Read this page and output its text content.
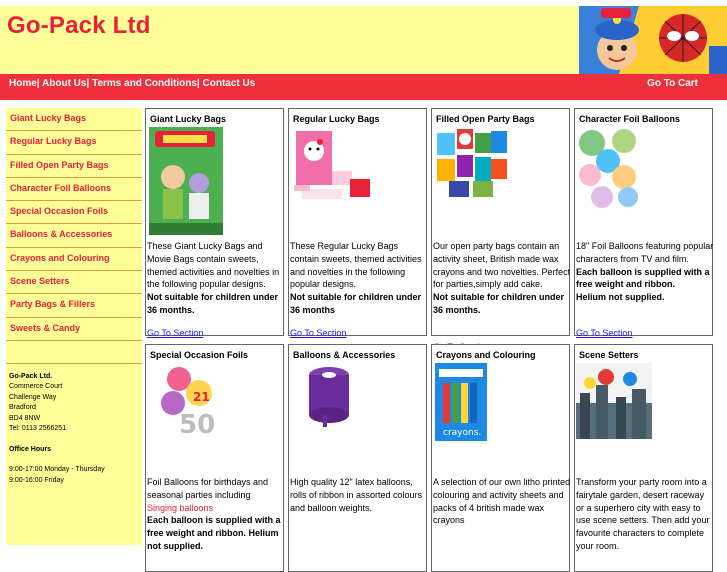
Go-Pack Ltd
Home| About Us| Terms and Conditions| Contact Us	Go To Cart
Giant Lucky Bags
Regular Lucky Bags
Filled Open Party Bags
Character Foil Balloons
Special Occasion Foils
Balloons & Accessories
Crayons and Colouring
Scene Setters
Party Bags & Fillers
Sweets & Candy
Go-Pack Ltd.
Commerce Court
Challenge Way
Bradford
BD4 8NW
Tel: 0113 2566251
Office Hours
9:00-17:00 Monday - Thursday
9:00-16:00 Friday
Giant Lucky Bags
These Giant Lucky Bags and Movie Bags contain sweets, themed activities and novelties in the following popular designs.
Not suitable for children under 36 months.
Go To Section
Regular Lucky Bags
These Regular Lucky Bags contain sweets, themed activities and novelties in the following popular designs.
Not suitable for children under 36 months
Go To Section
Filled Open Party Bags
Our open party bags contain an activity sheet, British made wax crayons and two novelties. Perfect for parties,simply add cake.
Not suitable for children under 36 months.
Character Foil Balloons
18" Foil Balloons featuring popular characters from TV and film.
Each balloon is supplied with a free weight and ribbon.
Helium not supplied.
Go To Section
Special Occasion Foils
50
21
Foil Balloons for birthdays and seasonal parties including
Singing balloons
Each balloon is supplied with a free weight and ribbon. Helium not supplied.
Balloons & Accessories
High quality 12" latex balloons, rolls of ribbon in assorted colours and balloon weights.
Crayons and Colouring
crayons.
A selection of our own litho printed colouring and activity sheets and packs of 4 british made wax crayons
Scene Setters
Transform your party room into a fairytale garden, desert raceway or a superhero city with easy to use scene setters. Then add your favourite characters to complete your room.
